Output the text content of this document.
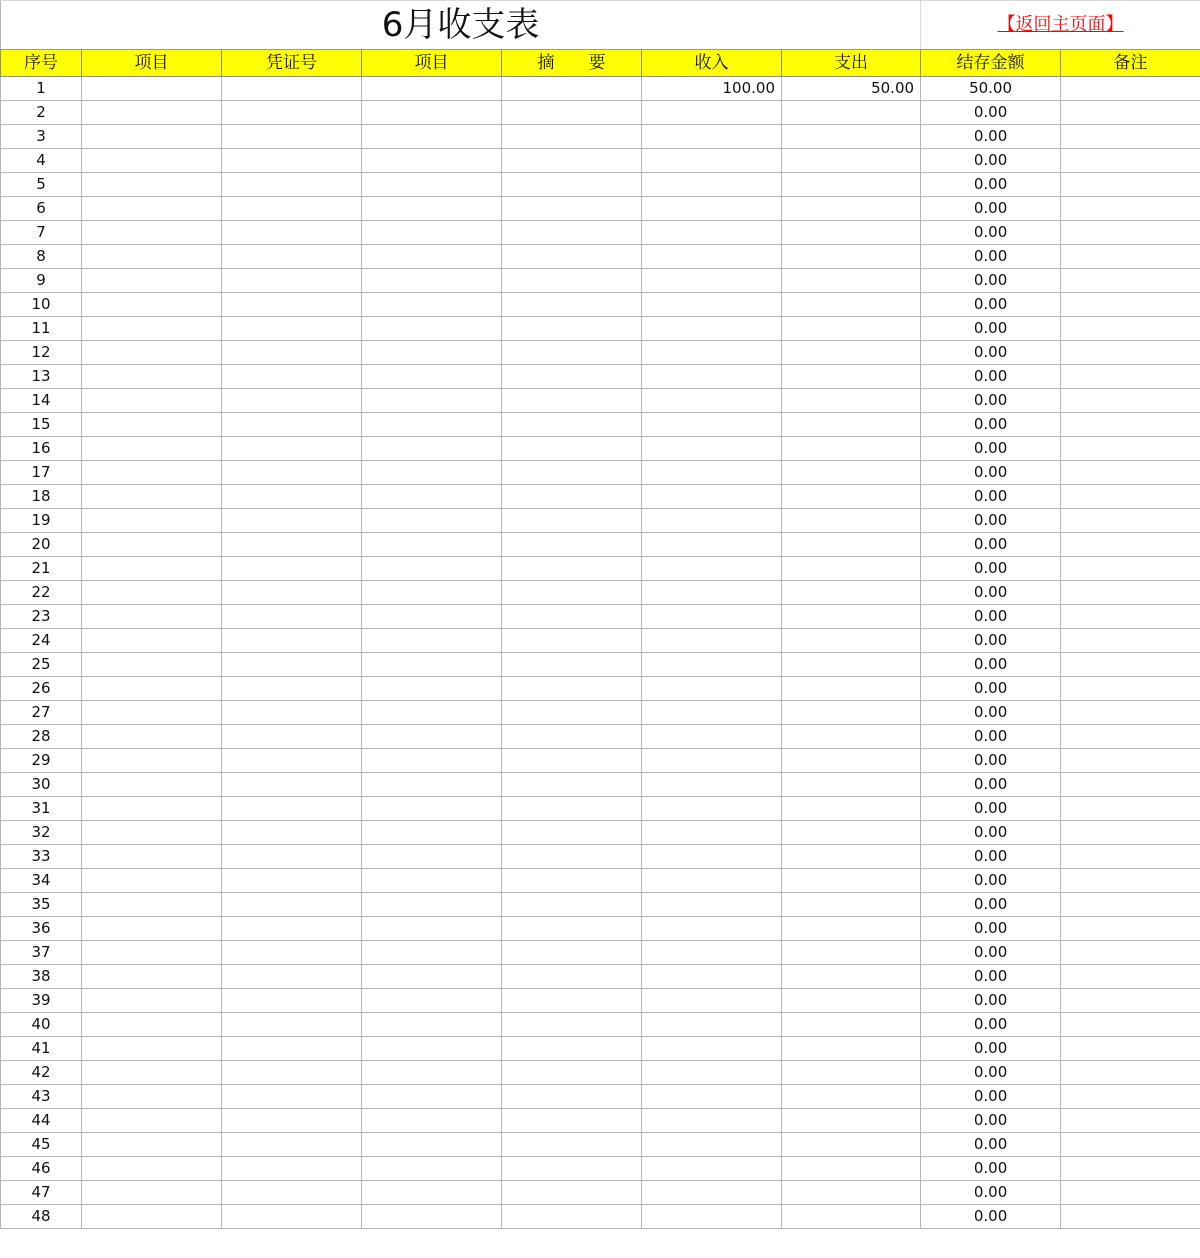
6月收支表							【返回主页面】	
序号	项目	凭证号	项目	摘　　要	收入	支出	结存金额	备注
1					100.00	50.00	50.00	
2							0.00	
3							0.00	
4							0.00	
5							0.00	
6							0.00	
7							0.00	
8							0.00	
9							0.00	
10							0.00	
11							0.00	
12							0.00	
13							0.00	
14							0.00	
15							0.00	
16							0.00	
17							0.00	
18							0.00	
19							0.00	
20							0.00	
21							0.00	
22							0.00	
23							0.00	
24							0.00	
25							0.00	
26							0.00	
27							0.00	
28							0.00	
29							0.00	
30							0.00	
31							0.00	
32							0.00	
33							0.00	
34							0.00	
35							0.00	
36							0.00	
37							0.00	
38							0.00	
39							0.00	
40							0.00	
41							0.00	
42							0.00	
43							0.00	
44							0.00	
45							0.00	
46							0.00	
47							0.00	
48							0.00	
